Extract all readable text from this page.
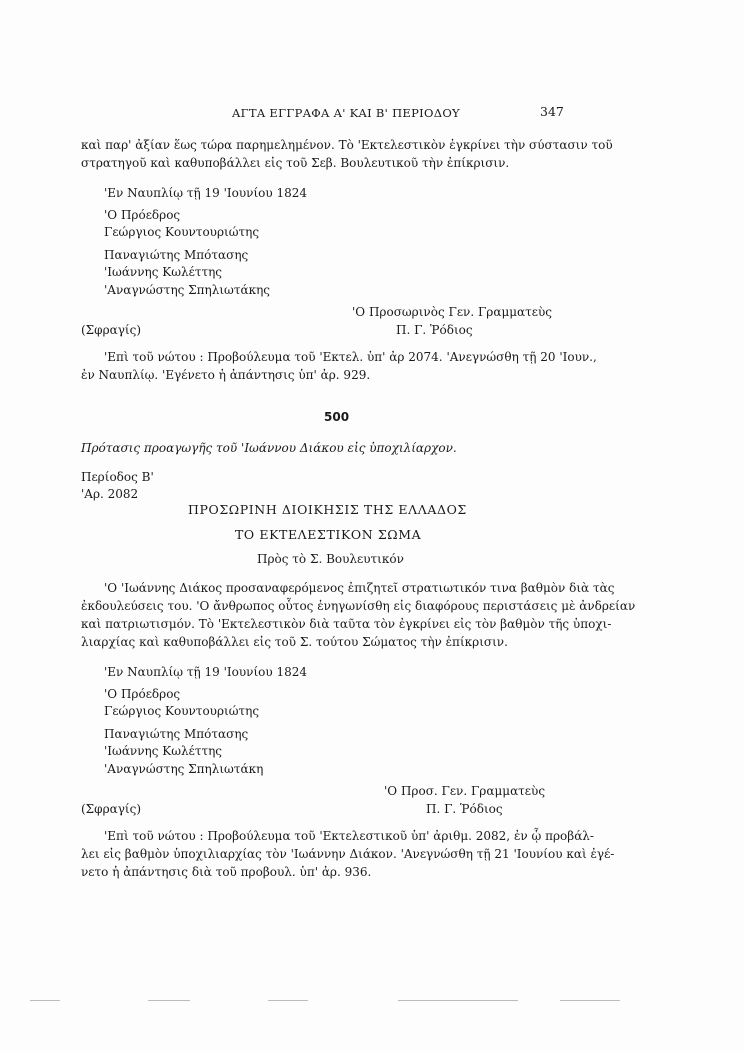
ΑΓΤΑ ΕΓΓΡΑΦΑ Α' ΚΑΙ Β' ΠΕΡΙΟΔΟΥ	347
καὶ παρ' ἀξίαν ἕως τώρα παρημελημένον. Τὸ 'Εκτελεστικὸν ἐγκρίνει τὴν σύστασιν τοῦ
στρατηγοῦ καὶ καθυποβάλλει εἰς τοῦ Σεβ. Βουλευτικοῦ τὴν ἐπίκρισιν.
'Εν Ναυπλίῳ τῇ 19 'Ιουνίου 1824
'Ο Πρόεδρος
Γεώργιος Κουντουριώτης
Παναγιώτης Μπότασης
'Ιωάννης Κωλέττης
'Αναγνώστης Σπηλιωτάκης
'Ο Προσωρινὸς Γεν. Γραμματεὺς
(Σφραγίς)	Π. Γ. Ῥόδιος
'Επὶ τοῦ νώτου : Προβούλευμα τοῦ 'Εκτελ. ὑπ' ἀρ 2074. 'Ανεγνώσθη τῇ 20 'Ιουν.,
ἐν Ναυπλίῳ. 'Εγένετο ἡ ἀπάντησις ὑπ' ἀρ. 929.
500
Πρότασις προαγωγῆς τοῦ 'Ιωάννου Διάκου εἰς ὑποχιλίαρχον.
Περίοδος Β'
'Αρ. 2082
ΠΡΟΣΩΡΙΝΗ ΔΙΟΙΚΗΣΙΣ ΤΗΣ ΕΛΛΑΔΟΣ
ΤΟ ΕΚΤΕΛΕΣΤΙΚΟΝ ΣΩΜΑ
Πρὸς τὸ Σ. Βουλευτικόν
'Ο 'Ιωάννης Διάκος προσαναφερόμενος ἐπιζητεῖ στρατιωτικόν τινα βαθμὸν διὰ τὰς
ἐκδουλεύσεις του. 'Ο ἄνθρωπος οὗτος ἐνηγωνίσθη εἰς διαφόρους περιστάσεις μὲ ἀνδρείαν
καὶ πατριωτισμόν. Τὸ 'Εκτελεστικὸν διὰ ταῦτα τὸν ἐγκρίνει εἰς τὸν βαθμὸν τῆς ὑποχι-
λιαρχίας καὶ καθυποβάλλει εἰς τοῦ Σ. τούτου Σώματος τὴν ἐπίκρισιν.
'Εν Ναυπλίῳ τῇ 19 'Ιουνίου 1824
'Ο Πρόεδρος
Γεώργιος Κουντουριώτης
Παναγιώτης Μπότασης
'Ιωάννης Κωλέττης
'Αναγνώστης Σπηλιωτάκη
'Ο Προσ. Γεν. Γραμματεὺς
(Σφραγίς)	Π. Γ. Ῥόδιος
'Επὶ τοῦ νώτου : Προβούλευμα τοῦ 'Εκτελεστικοῦ ὑπ' ἀριθμ. 2082, ἐν ᾧ προβάλ-
λει εἰς βαθμὸν ὑποχιλιαρχίας τὸν 'Ιωάννην Διάκον. 'Ανεγνώσθη τῇ 21 'Ιουνίου καὶ ἐγέ-
νετο ἡ ἀπάντησις διὰ τοῦ προβουλ. ὑπ' ἀρ. 936.
